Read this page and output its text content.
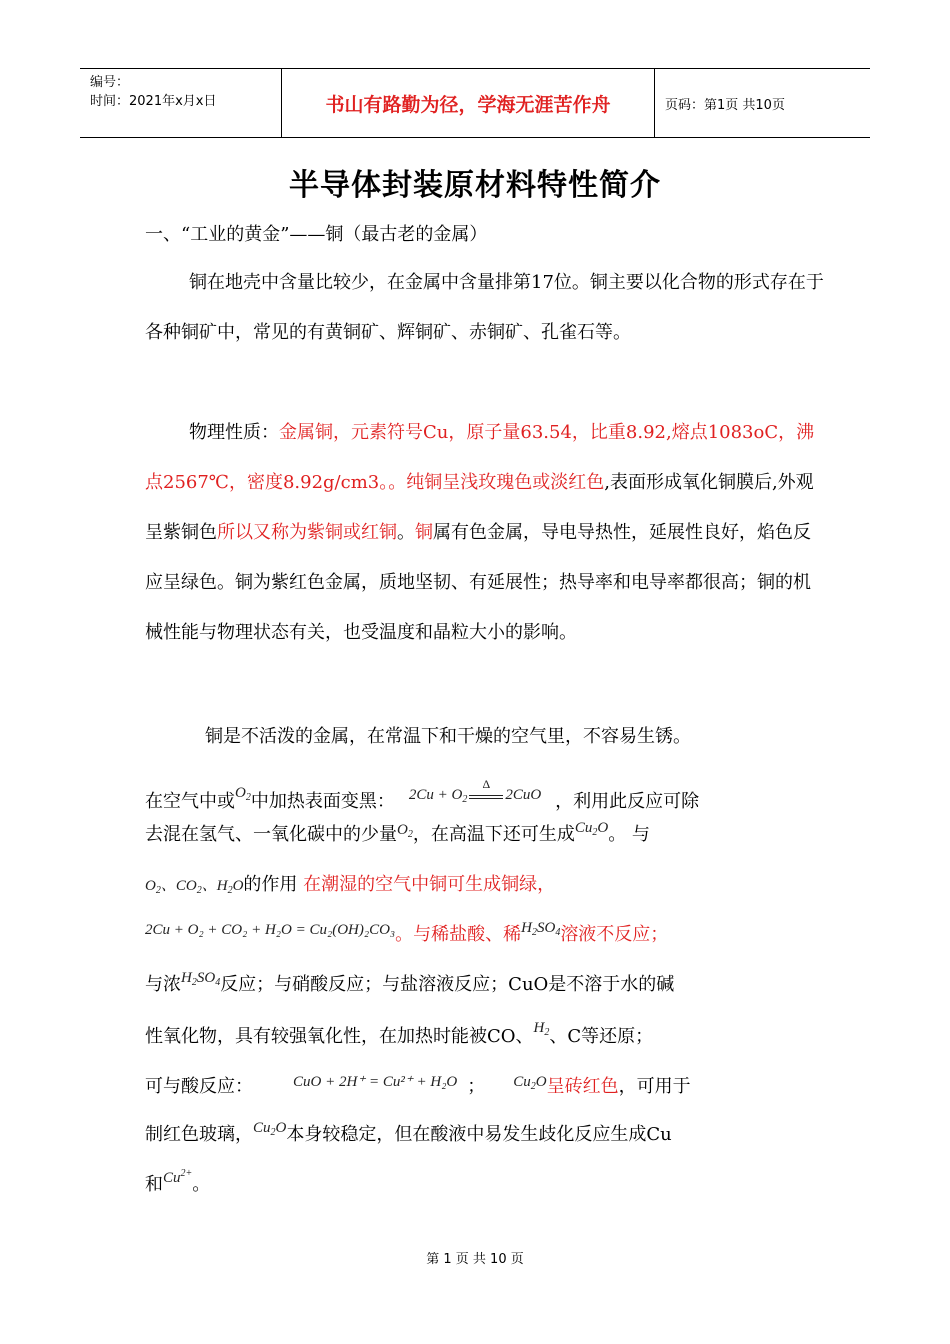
编号：
时间：2021年x月x日	书山有路勤为径，学海无涯苦作舟	页码：第1页 共10页
半导体封装原材料特性简介
一、“工业的黄金”——铜（最古老的金属）
铜在地壳中含量比较少，在金属中含量排第17位。铜主要以化合物的形式存在于各种铜矿中，常见的有黄铜矿、辉铜矿、赤铜矿、孔雀石等。
物理性质：金属铜，元素符号Cu，原子量63.54，比重8.92,熔点1083oC，沸点2567℃，密度8.92g/cm3。。纯铜呈浅玫瑰色或淡红色,表面形成氧化铜膜后,外观呈紫铜色所以又称为紫铜或红铜。铜属有色金属，导电导热性，延展性良好，焰色反应呈绿色。铜为紫红色金属，质地坚韧、有延展性；热导率和电导率都很高；铜的机械性能与物理状态有关，也受温度和晶粒大小的影响。
铜是不活泼的金属，在常温下和干燥的空气里，不容易生锈。
在空气中或$^{O_2}$中加热表面变黑： $2Cu + O_2$
Δ
2CuO ，利用此反应可除
去混在氢气、一氧化碳中的少量$^{O_2}$，在高温下还可生成$^{Cu_2O}$。 与
$O_2$、$CO_2$、$H_2O$的作用 在潮湿的空气中铜可生成铜绿，
$^{2Cu + O_2 + CO_2 + H_2O = Cu_2(OH)_2CO_3}$。与稀盐酸、稀$^{H_2SO_4}$溶液不反应；
与浓$^{H_2SO_4}$反应；与硝酸反应；与盐溶液反应；CuO是不溶于水的碱
性氧化物，具有较强氧化性，在加热时能被CO、$^{H_2}$、C等还原；
可与酸反应：	$^{CuO + 2H^+ = Cu^{2+} + H_2O}$ ； $^{Cu_2O}$呈砖红色，可用于
制红色玻璃，$^{Cu_2O}$本身较稳定，但在酸液中易发生歧化反应生成Cu
和$^{Cu^{2+}}$。
第 1 页 共 10 页
